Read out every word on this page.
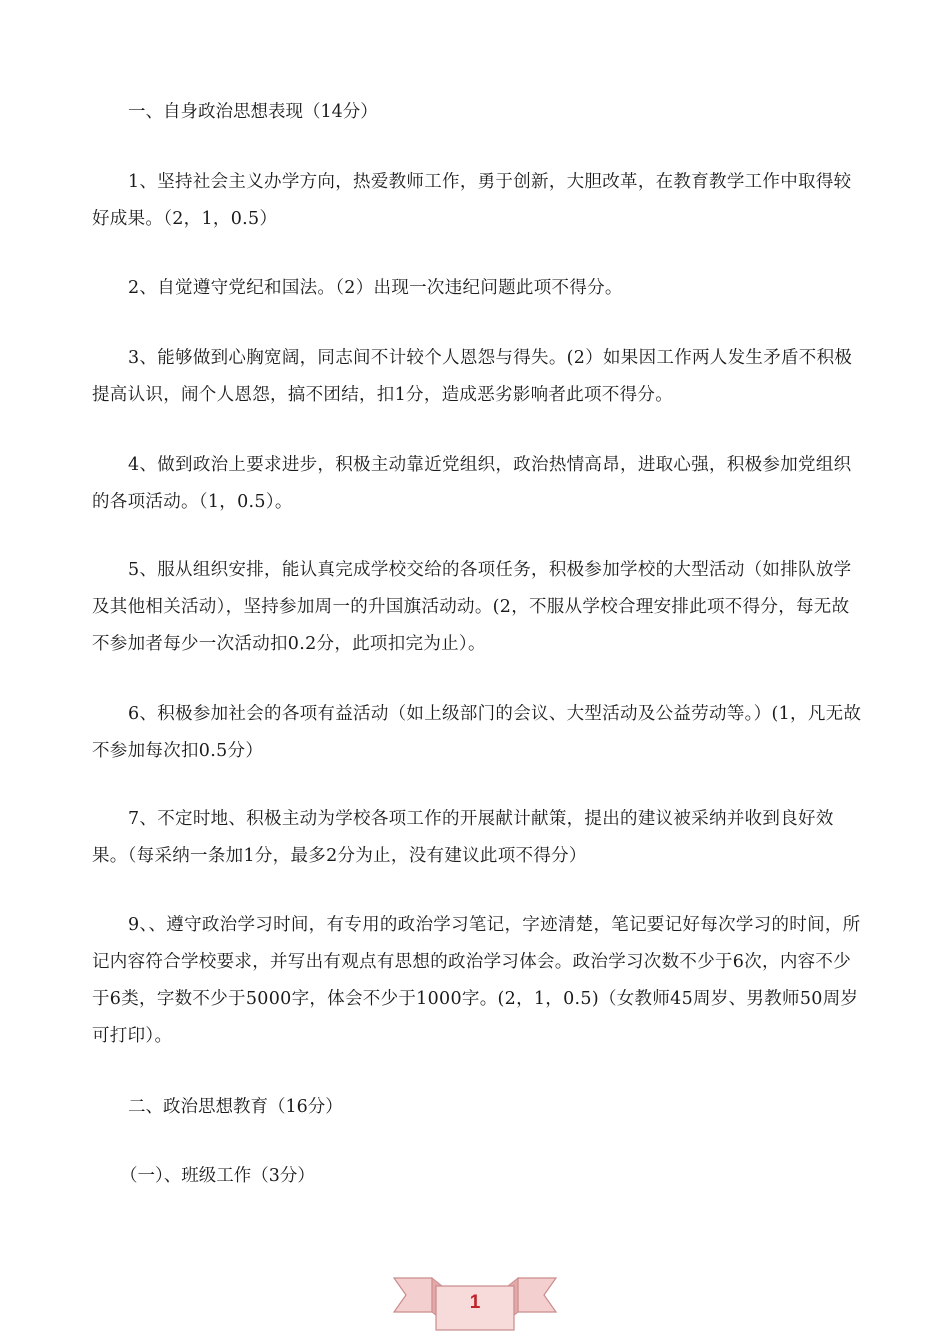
一、自身政治思想表现（14分）

1、坚持社会主义办学方向，热爱教师工作，勇于创新，大胆改革，在教育教学工作中取得较好成果。（2，1，0.5）

2、自觉遵守党纪和国法。（2）出现一次违纪问题此项不得分。

3、能够做到心胸宽阔，同志间不计较个人恩怨与得失。(2）如果因工作两人发生矛盾不积极提高认识，闹个人恩怨，搞不团结，扣1分，造成恶劣影响者此项不得分。

4、做到政治上要求进步，积极主动靠近党组织，政治热情高昂，进取心强，积极参加党组织的各项活动。（1，0.5）。

5、服从组织安排，能认真完成学校交给的各项任务，积极参加学校的大型活动（如排队放学及其他相关活动），坚持参加周一的升国旗活动动。(2，不服从学校合理安排此项不得分，每无故不参加者每少一次活动扣0.2分，此项扣完为止）。

6、积极参加社会的各项有益活动（如上级部门的会议、大型活动及公益劳动等。）(1，凡无故不参加每次扣0.5分）

7、不定时地、积极主动为学校各项工作的开展献计献策，提出的建议被采纳并收到良好效果。（每采纳一条加1分，最多2分为止，没有建议此项不得分）

9、、遵守政治学习时间，有专用的政治学习笔记，字迹清楚，笔记要记好每次学习的时间，所记内容符合学校要求，并写出有观点有思想的政治学习体会。政治学习次数不少于6次，内容不少于6类，字数不少于5000字，体会不少于1000字。(2，1，0.5)（女教师45周岁、男教师50周岁可打印）。

二、政治思想教育（16分）

（一）、班级工作（3分）

1
